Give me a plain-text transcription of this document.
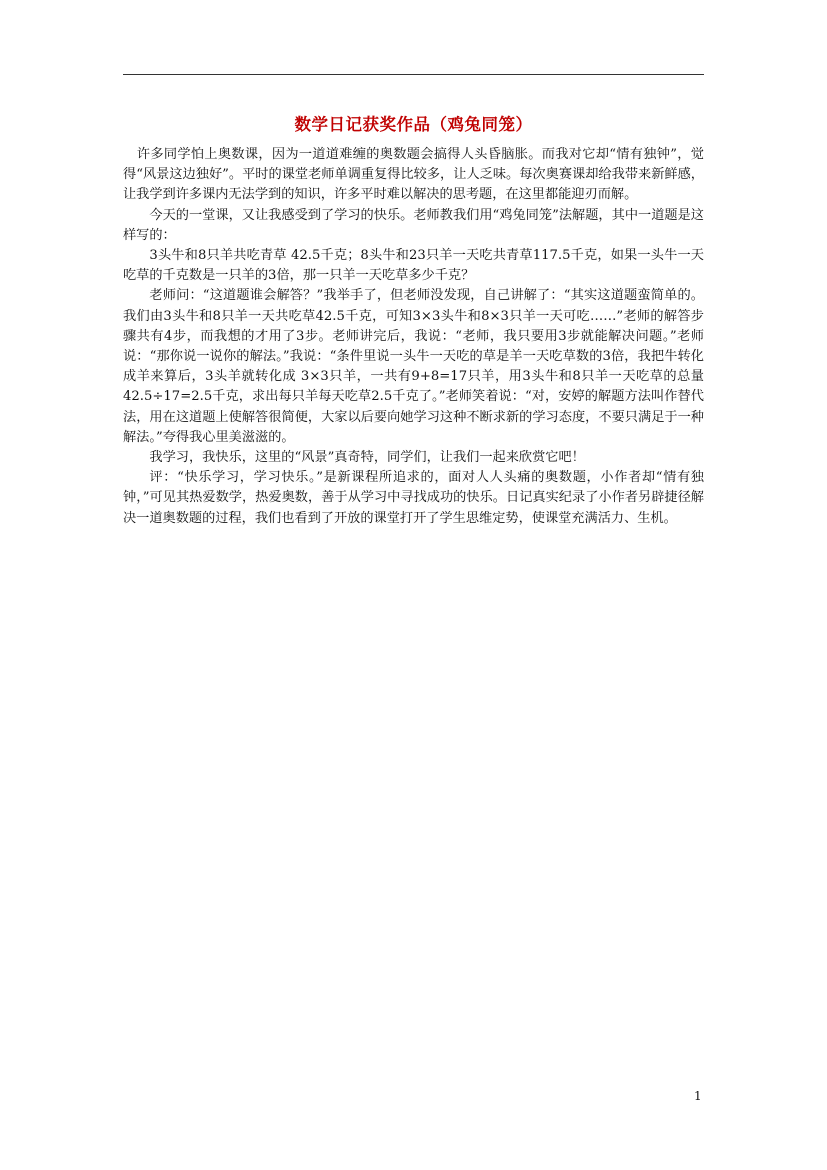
数学日记获奖作品（鸡兔同笼）

许多同学怕上奥数课，因为一道道难缠的奥数题会搞得人头昏脑胀。而我对它却“情有独钟”，觉得“风景这边独好”。平时的课堂老师单调重复得比较多，让人乏味。每次奥赛课却给我带来新鲜感，让我学到许多课内无法学到的知识，许多平时难以解决的思考题，在这里都能迎刃而解。

今天的一堂课，又让我感受到了学习的快乐。老师教我们用“鸡兔同笼”法解题，其中一道题是这样写的：

3头牛和8只羊共吃青草 42.5千克；8头牛和23只羊一天吃共青草117.5千克，如果一头牛一天吃草的千克数是一只羊的3倍，那一只羊一天吃草多少千克？

老师问：“这道题谁会解答？”我举手了，但老师没发现，自己讲解了：“其实这道题蛮简单的。我们由3头牛和8只羊一天共吃草42.5千克，可知3×3头牛和8×3只羊一天可吃……”老师的解答步骤共有4步，而我想的才用了3步。老师讲完后，我说：“老师，我只要用3步就能解决问题。”老师说：“那你说一说你的解法。”我说：“条件里说一头牛一天吃的草是羊一天吃草数的3倍，我把牛转化成羊来算后，3头羊就转化成 3×3只羊，一共有9+8=17只羊，用3头牛和8只羊一天吃草的总量42.5÷17=2.5千克，求出每只羊每天吃草2.5千克了。”老师笑着说：“对，安婷的解题方法叫作替代法，用在这道题上使解答很简便，大家以后要向她学习这种不断求新的学习态度，不要只满足于一种解法。”夸得我心里美滋滋的。

我学习，我快乐，这里的“风景”真奇特，同学们，让我们一起来欣赏它吧！

评：“快乐学习，学习快乐。”是新课程所追求的，面对人人头痛的奥数题，小作者却“情有独钟，”可见其热爱数学，热爱奥数，善于从学习中寻找成功的快乐。日记真实纪录了小作者另辟捷径解决一道奥数题的过程，我们也看到了开放的课堂打开了学生思维定势，使课堂充满活力、生机。

1
